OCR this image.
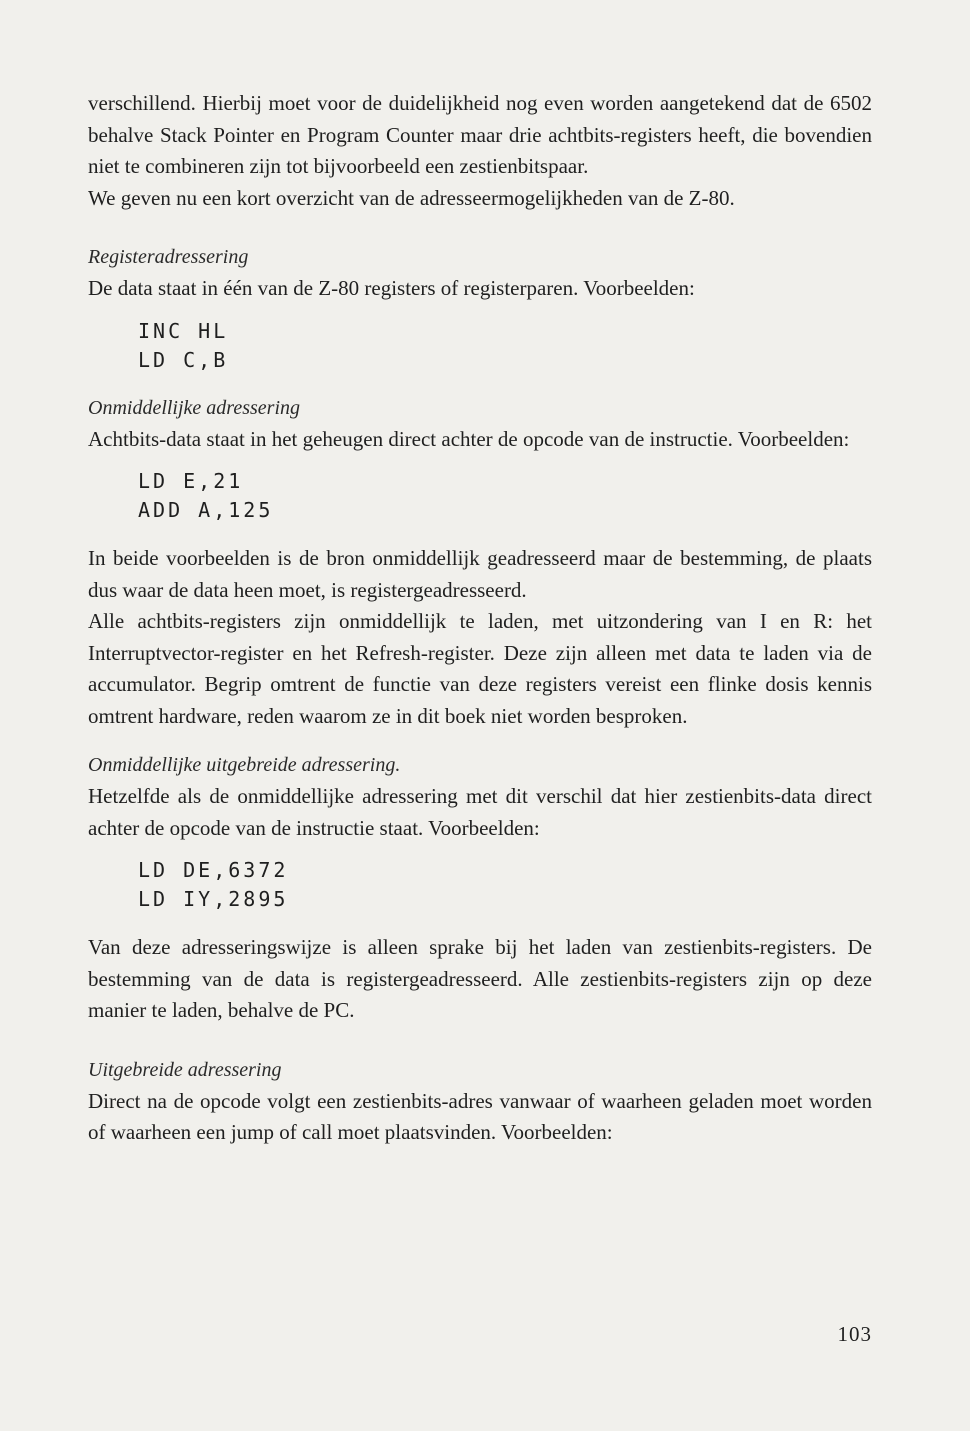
verschillend. Hierbij moet voor de duidelijkheid nog even worden aangetekend dat de 6502 behalve Stack Pointer en Program Counter maar drie achtbits-registers heeft, die bovendien niet te combineren zijn tot bijvoorbeeld een zestienbitspaar.

We geven nu een kort overzicht van de adresseermogelijkheden van de Z-80.

Registeradressering

De data staat in één van de Z-80 registers of registerparen. Voorbeelden:

INC HL
LD C,B

Onmiddellijke adressering

Achtbits-data staat in het geheugen direct achter de opcode van de instructie. Voorbeelden:

LD E,21
ADD A,125

In beide voorbeelden is de bron onmiddellijk geadresseerd maar de bestemming, de plaats dus waar de data heen moet, is registergeadresseerd.

Alle achtbits-registers zijn onmiddellijk te laden, met uitzondering van I en R: het Interruptvector-register en het Refresh-register. Deze zijn alleen met data te laden via de accumulator. Begrip omtrent de functie van deze registers vereist een flinke dosis kennis omtrent hardware, reden waarom ze in dit boek niet worden besproken.

Onmiddellijke uitgebreide adressering.

Hetzelfde als de onmiddellijke adressering met dit verschil dat hier zestienbits-data direct achter de opcode van de instructie staat. Voorbeelden:

LD DE,6372
LD IY,2895

Van deze adresseringswijze is alleen sprake bij het laden van zestienbits-registers. De bestemming van de data is registergeadresseerd. Alle zestienbits-registers zijn op deze manier te laden, behalve de PC.

Uitgebreide adressering

Direct na de opcode volgt een zestienbits-adres vanwaar of waarheen geladen moet worden of waarheen een jump of call moet plaatsvinden. Voorbeelden:

103
